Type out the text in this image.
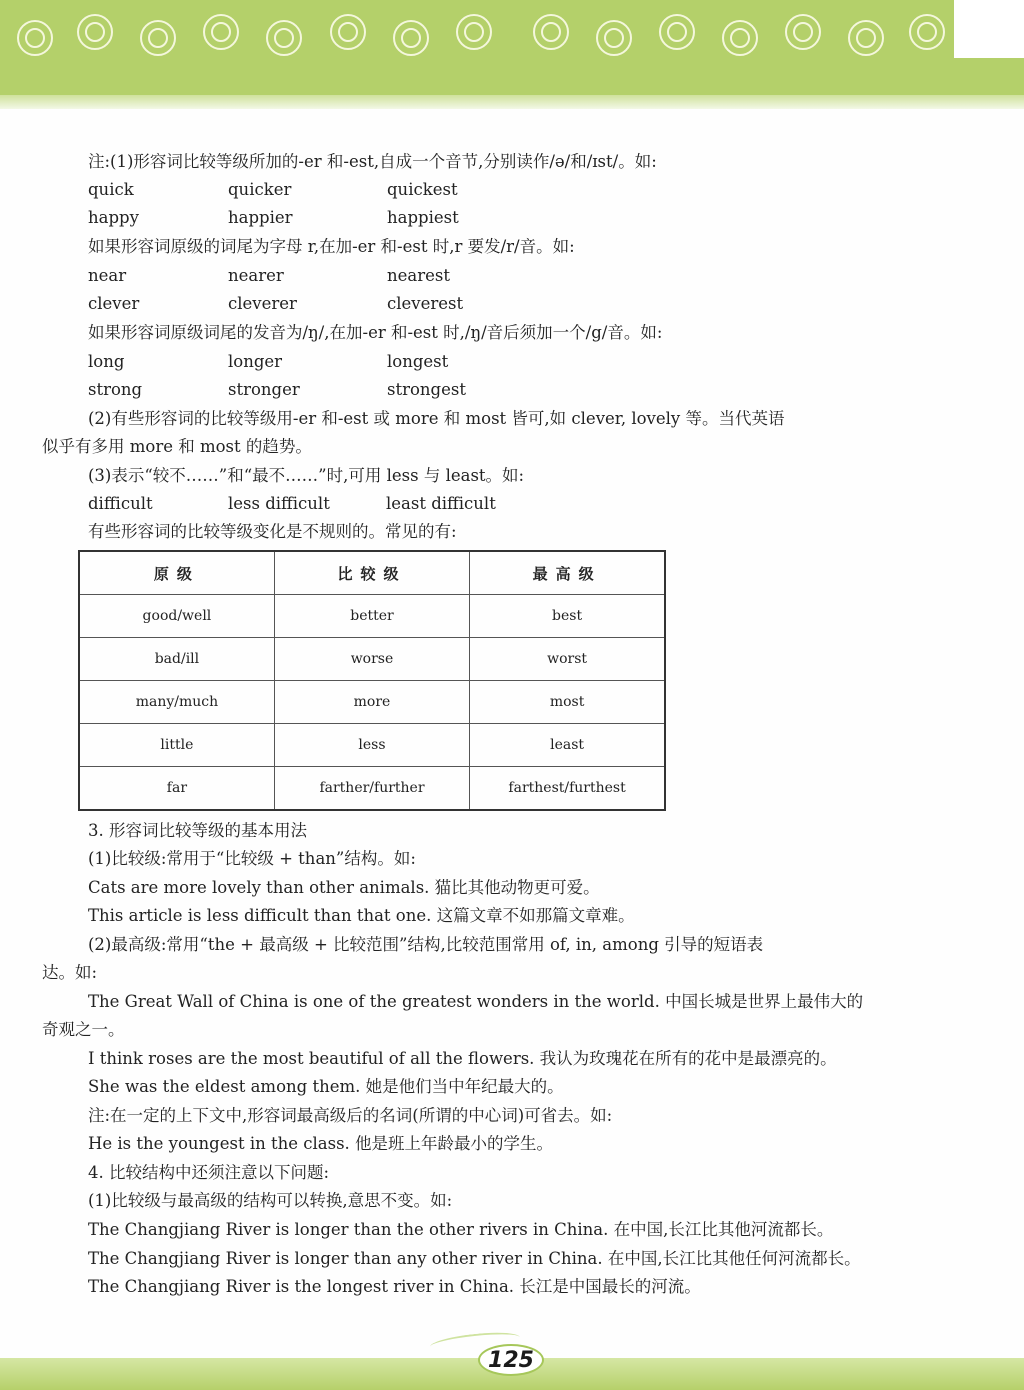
注:(1)形容词比较等级所加的-er 和-est,自成一个音节,分别读作/ə/和/ɪst/。如:
quick	quicker	quickest
happy	happier	happiest
如果形容词原级的词尾为字母 r,在加-er 和-est 时,r 要发/r/音。如:
near	nearer	nearest
clever	cleverer	cleverest
如果形容词原级词尾的发音为/ŋ/,在加-er 和-est 时,/ŋ/音后须加一个/g/音。如:
long	longer	longest
strong	stronger	strongest
(2)有些形容词的比较等级用-er 和-est 或 more 和 most 皆可,如 clever, lovely 等。当代英语
似乎有多用 more 和 most 的趋势。
(3)表示“较不……”和“最不……”时,可用 less 与 least。如:
difficult	less difficult	least difficult
有些形容词的比较等级变化是不规则的。常见的有:
原级	比较级	最高级
good/well	better	best
bad/ill	worse	worst
many/much	more	most
little	less	least
far	farther/further	farthest/furthest
3. 形容词比较等级的基本用法
(1)比较级:常用于“比较级 + than”结构。如:
Cats are more lovely than other animals. 猫比其他动物更可爱。
This article is less difficult than that one. 这篇文章不如那篇文章难。
(2)最高级:常用“the + 最高级 + 比较范围”结构,比较范围常用 of, in, among 引导的短语表
达。如:
The Great Wall of China is one of the greatest wonders in the world. 中国长城是世界上最伟大的
奇观之一。
I think roses are the most beautiful of all the flowers. 我认为玫瑰花在所有的花中是最漂亮的。
She was the eldest among them. 她是他们当中年纪最大的。
注:在一定的上下文中,形容词最高级后的名词(所谓的中心词)可省去。如:
He is the youngest in the class. 他是班上年龄最小的学生。
4. 比较结构中还须注意以下问题:
(1)比较级与最高级的结构可以转换,意思不变。如:
The Changjiang River is longer than the other rivers in China. 在中国,长江比其他河流都长。
The Changjiang River is longer than any other river in China. 在中国,长江比其他任何河流都长。
The Changjiang River is the longest river in China. 长江是中国最长的河流。
125
